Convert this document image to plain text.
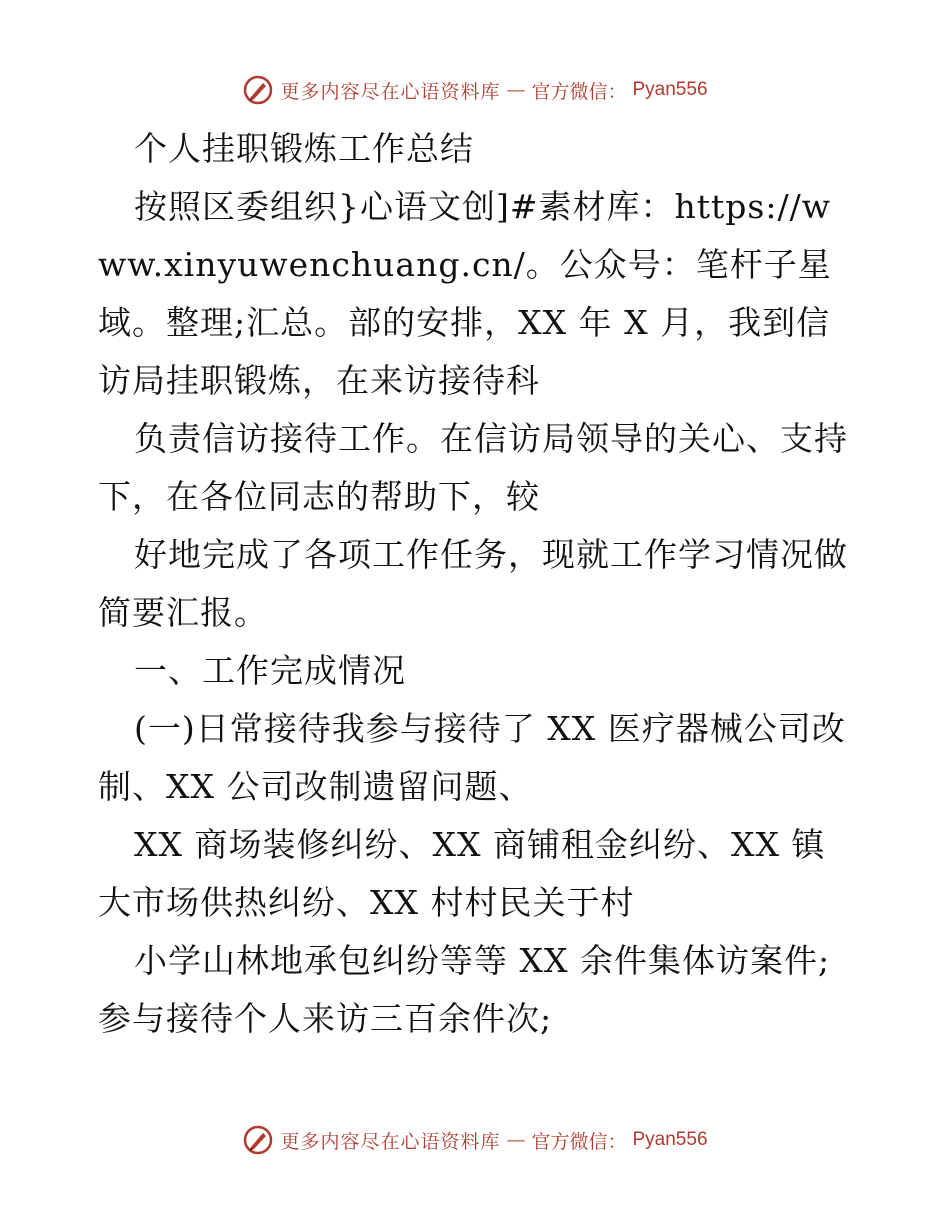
更多内容尽在心语资料库 — 官方微信： Pyan556

个人挂职锻炼工作总结

按照区委组织}心语文创]#素材库：https://www.xinyuwenchuang.cn/。公众号：笔杆子星域。整理;汇总。部的安排，XX 年 X 月，我到信访局挂职锻炼，在来访接待科

负责信访接待工作。在信访局领导的关心、支持下，在各位同志的帮助下，较

好地完成了各项工作任务，现就工作学习情况做简要汇报。

一、工作完成情况

(一)日常接待我参与接待了 XX 医疗器械公司改制、XX 公司改制遗留问题、

XX 商场装修纠纷、XX 商铺租金纠纷、XX 镇大市场供热纠纷、XX 村村民关于村

小学山林地承包纠纷等等 XX 余件集体访案件;参与接待个人来访三百余件次;

更多内容尽在心语资料库 — 官方微信： Pyan556
